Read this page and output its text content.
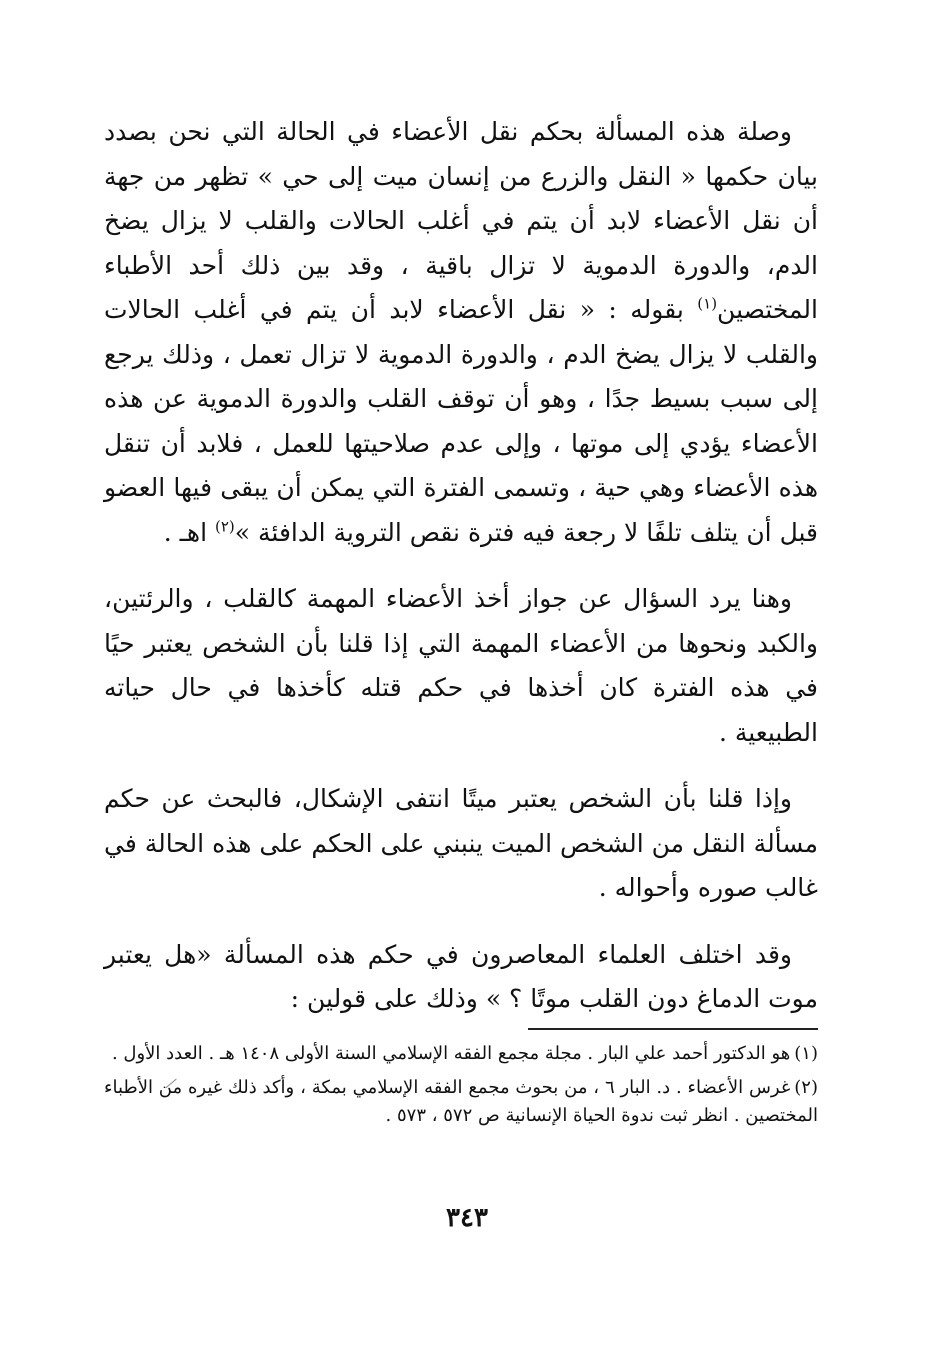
وصلة هذه المسألة بحكم نقل الأعضاء في الحالة التي نحن بصدد بيان حكمها « النقل والزرع من إنسان ميت إلى حي » تظهر من جهة أن نقل الأعضاء لابد أن يتم في أغلب الحالات والقلب لا يزال يضخ الدم، والدورة الدموية لا تزال باقية ، وقد بين ذلك أحد الأطباء المختصين$^{(١)}$ بقوله : « نقل الأعضاء لابد أن يتم في أغلب الحالات والقلب لا يزال يضخ الدم ، والدورة الدموية لا تزال تعمل ، وذلك يرجع إلى سبب بسيط جدًا ، وهو أن توقف القلب والدورة الدموية عن هذه الأعضاء يؤدي إلى موتها ، وإلى عدم صلاحيتها للعمل ، فلابد أن تنقل هذه الأعضاء وهي حية ، وتسمى الفترة التي يمكن أن يبقى فيها العضو قبل أن يتلف تلفًا لا رجعة فيه فترة نقص التروية الدافئة »$^{(٢)}$ اهـ .

وهنا يرد السؤال عن جواز أخذ الأعضاء المهمة كالقلب ، والرئتين، والكبد ونحوها من الأعضاء المهمة التي إذا قلنا بأن الشخص يعتبر حيًا في هذه الفترة كان أخذها في حكم قتله كأخذها في حال حياته الطبيعية .

وإذا قلنا بأن الشخص يعتبر ميتًا انتفى الإشكال، فالبحث عن حكم مسألة النقل من الشخص الميت ينبني على الحكم على هذه الحالة في غالب صوره وأحواله .

وقد اختلف العلماء المعاصرون في حكم هذه المسألة «هل يعتبر موت الدماغ دون القلب موتًا ؟ » وذلك على قولين :

(١)هو الدكتور أحمد علي البار . مجلة مجمع الفقه الإسلامي السنة الأولى ١٤٠٨ هـ . العدد الأول .

(٢)غرس الأعضاء . د. البار ٦ ، من بحوث مجمع الفقه الإسلامي بمكة ، وأكد ذلك غيره من الأطباء المختصين . انظر ثبت ندوة الحياة الإنسانية ص ٥٧٢ ، ٥٧٣ .

٣٤٣
